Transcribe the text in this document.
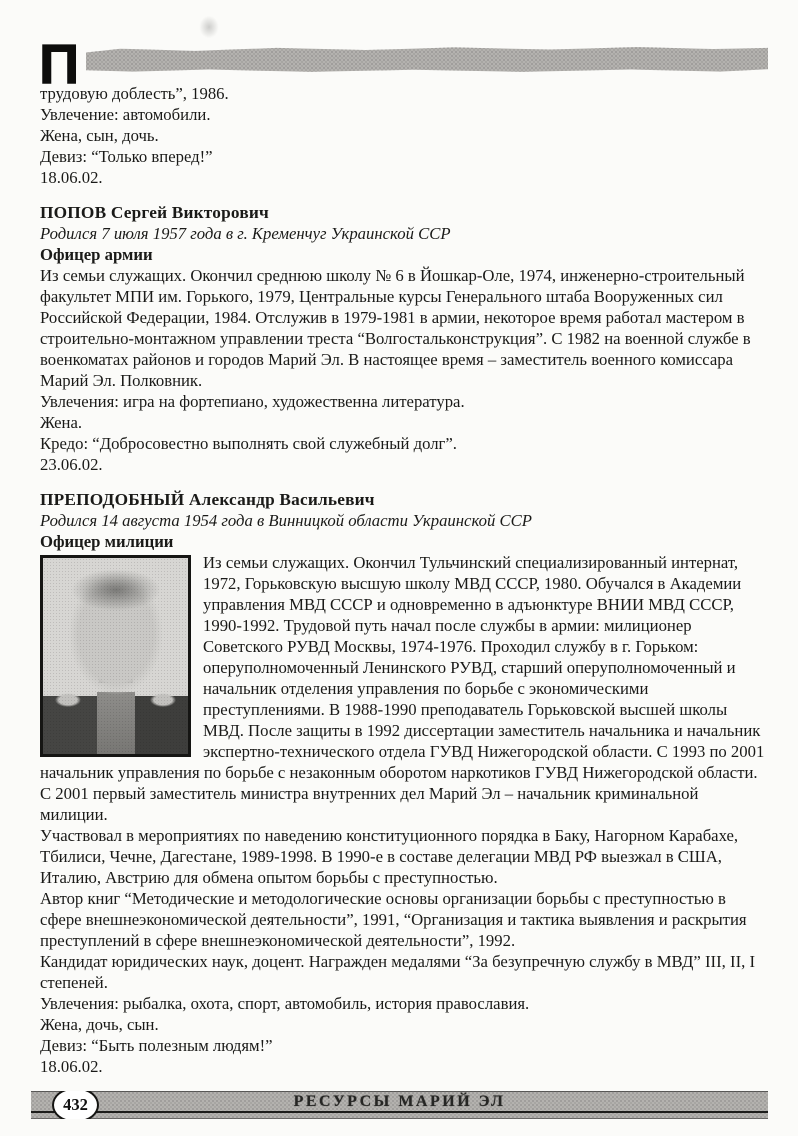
П
трудовую доблесть”, 1986.
Увлечение: автомобили.
Жена, сын, дочь.
Девиз: “Только вперед!”
18.06.02.
ПОПОВ Сергей Викторович
Родился 7 июля 1957 года в г. Кременчуг Украинской ССР
Офицер армии

Из семьи служащих. Окончил среднюю школу № 6 в Йошкар-Оле, 1974, инженерно-строительный факультет МПИ им. Горького, 1979, Центральные курсы Генерального штаба Вооруженных сил Российской Федерации, 1984. Отслужив в 1979-1981 в армии, некоторое время работал мастером в строительно-монтажном управлении треста “Волгостальконструкция”. С 1982 на военной службе в военкоматах районов и городов Марий Эл. В настоящее время – заместитель военного комиссара Марий Эл. Полковник.

Увлечения: игра на фортепиано, художественна литература.
Жена.
Кредо: “Добросовестно выполнять свой служебный долг”.
23.06.02.
ПРЕПОДОБНЫЙ Александр Васильевич
Родился 14 августа 1954 года в Винницкой области Украинской ССР
Офицер милиции

Из семьи служащих. Окончил Тульчинский специализированный интернат, 1972, Горьковскую высшую школу МВД СССР, 1980. Обучался в Академии управления МВД СССР и одновременно в адъюнктуре ВНИИ МВД СССР, 1990-1992. Трудовой путь начал после службы в армии: милиционер Советского РУВД Москвы, 1974-1976. Проходил службу в г. Горьком: оперуполномоченный Ленинского РУВД, старший оперуполномоченный и начальник отделения управления по борьбе с экономическими преступлениями. В 1988-1990 преподаватель Горьковской высшей школы МВД. После защиты в 1992 диссертации заместитель начальника и начальник экспертно-технического отдела ГУВД Нижегородской области. С 1993 по 2001 начальник управления по борьбе с незаконным оборотом наркотиков ГУВД Нижегородской области. С 2001 первый заместитель министра внутренних дел Марий Эл – начальник криминальной милиции.

Участвовал в мероприятиях по наведению конституционного порядка в Баку, Нагорном Карабахе, Тбилиси, Чечне, Дагестане, 1989-1998. В 1990-е в составе делегации МВД РФ выезжал в США, Италию, Австрию для обмена опытом борьбы с преступностью.

Автор книг “Методические и методологические основы организации борьбы с преступностью в сфере внешнеэкономической деятельности”, 1991, “Организация и тактика выявления и раскрытия преступлений в сфере внешнеэкономической деятельности”, 1992.

Кандидат юридических наук, доцент. Награжден медалями “За безупречную службу в МВД” III, II, I степеней.

Увлечения: рыбалка, охота, спорт, автомобиль, история православия.
Жена, дочь, сын.
Девиз: “Быть полезным людям!”
18.06.02.
РЕСУРСЫ МАРИЙ ЭЛ
432
